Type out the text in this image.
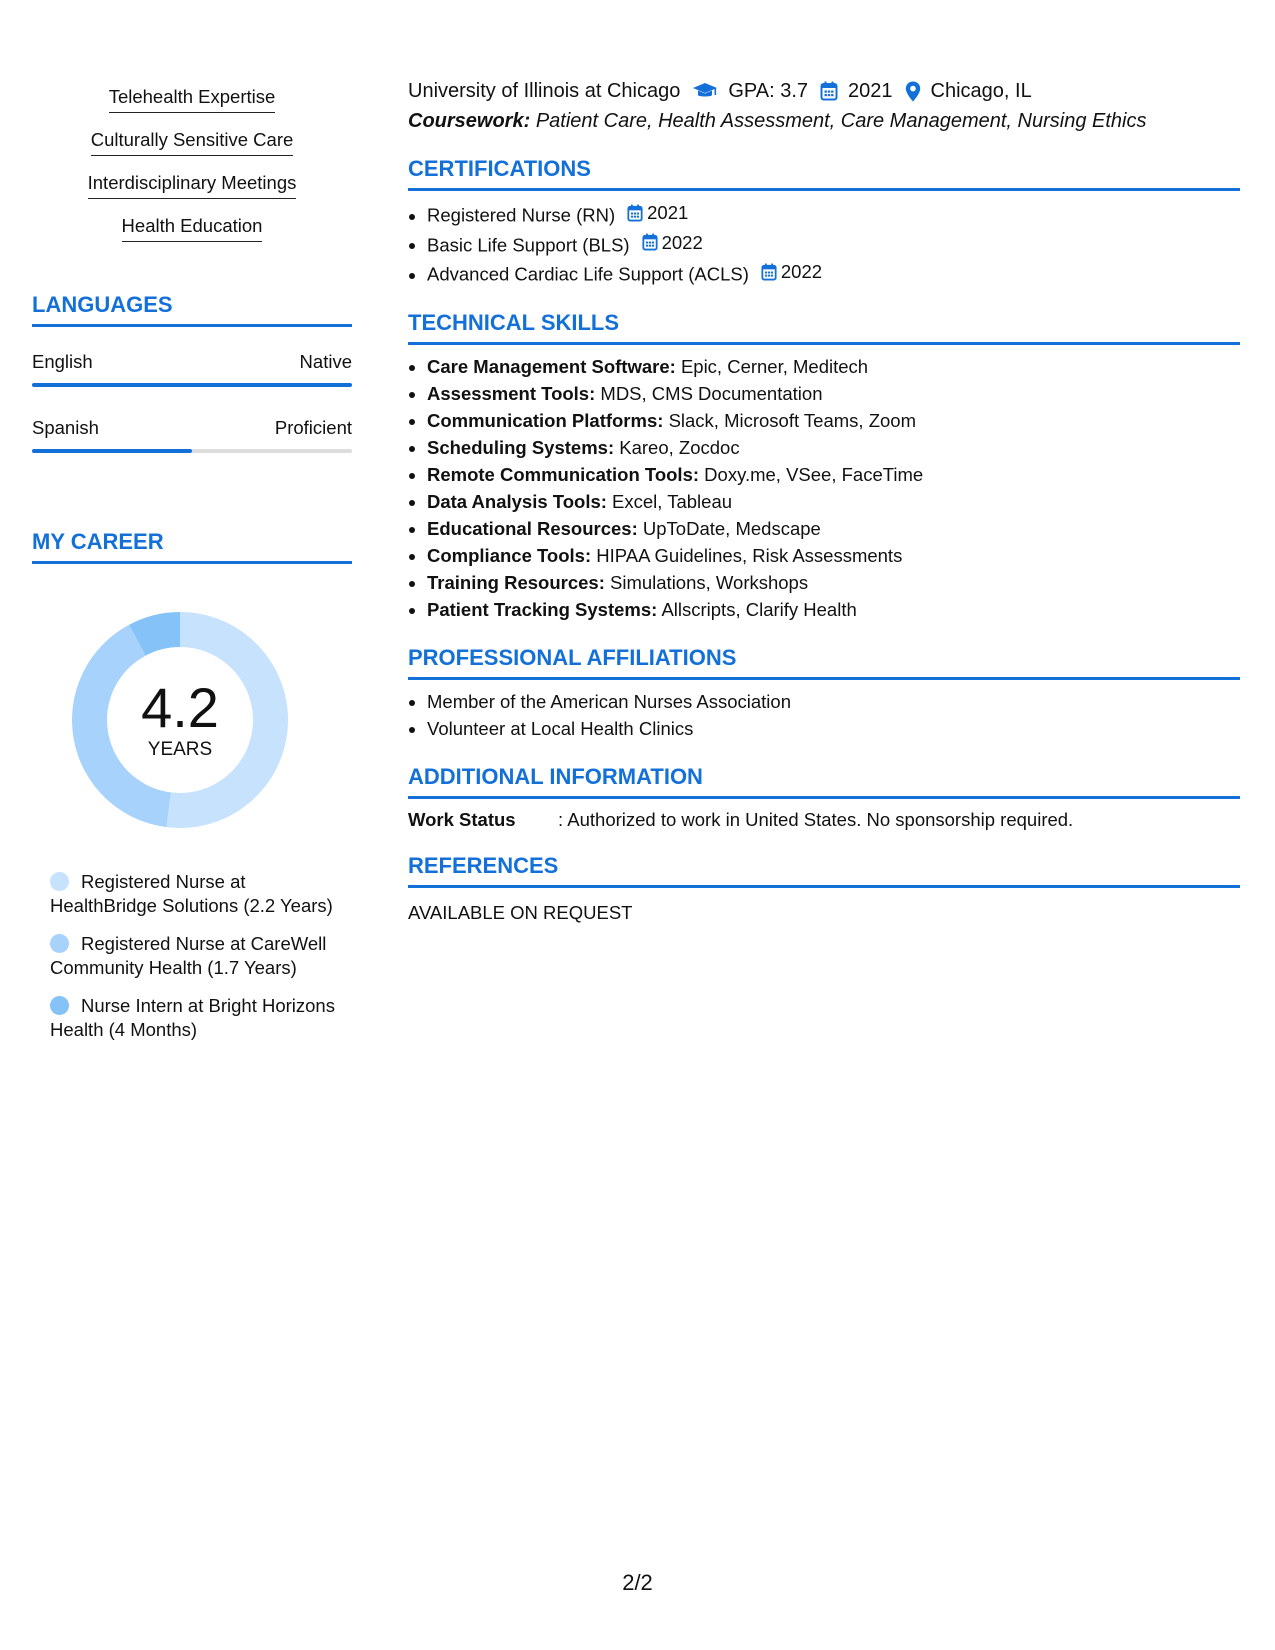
Telehealth Expertise
Culturally Sensitive Care
Interdisciplinary Meetings
Health Education
LANGUAGES
English	Native
Spanish	Proficient
MY CAREER
4.2
YEARS
Registered Nurse at HealthBridge Solutions (2.2 Years)
Registered Nurse at CareWell Community Health (1.7 Years)
Nurse Intern at Bright Horizons Health (4 Months)
University of Illinois at Chicago GPA: 3.7 2021 Chicago, IL
Coursework: Patient Care, Health Assessment, Care Management, Nursing Ethics
CERTIFICATIONS
• Registered Nurse (RN) 2021
• Basic Life Support (BLS) 2022
• Advanced Cardiac Life Support (ACLS) 2022
TECHNICAL SKILLS
• Care Management Software: Epic, Cerner, Meditech
• Assessment Tools: MDS, CMS Documentation
• Communication Platforms: Slack, Microsoft Teams, Zoom
• Scheduling Systems: Kareo, Zocdoc
• Remote Communication Tools: Doxy.me, VSee, FaceTime
• Data Analysis Tools: Excel, Tableau
• Educational Resources: UpToDate, Medscape
• Compliance Tools: HIPAA Guidelines, Risk Assessments
• Training Resources: Simulations, Workshops
• Patient Tracking Systems: Allscripts, Clarify Health
PROFESSIONAL AFFILIATIONS
• Member of the American Nurses Association
• Volunteer at Local Health Clinics
ADDITIONAL INFORMATION
Work Status	: Authorized to work in United States. No sponsorship required.
REFERENCES
AVAILABLE ON REQUEST
2/2
